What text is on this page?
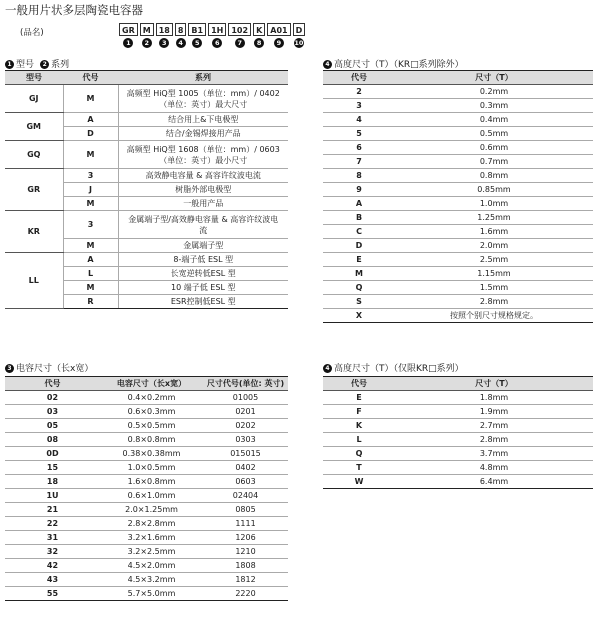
一般用片状多层陶瓷电容器
(品名)	GR	M	18	8	B1	1H	102	K	A01	D
1	2	3	4	5	6	7	8	9	10
1 型号 2 系列
型号	代号	系列
GJ	M	高频型 HiQ型 1005（单位：mm）/ 0402（单位：英寸）最大尺寸
GM	A	结合用上&下电极型
	D	结合/金锡焊接用产品
GQ	M	高频型 HiQ型 1608（单位：mm）/ 0603（单位：英寸）最小尺寸
GR	3	高效静电容量 & 高容许纹波电流
	J	树脂外部电极型
	M	一般用产品
KR	3	金属端子型/高效静电容量 & 高容许纹波电流
	M	金属端子型
LL	A	8-端子低 ESL 型
	L	长宽逆转低ESL 型
	M	10 端子低 ESL 型
	R	ESR控制低ESL 型
3 电容尺寸（长x宽）
代号	电容尺寸（长x宽）	尺寸代号(单位: 英寸)
02	0.4×0.2mm	01005
03	0.6×0.3mm	0201
05	0.5×0.5mm	0202
08	0.8×0.8mm	0303
0D	0.38×0.38mm	015015
15	1.0×0.5mm	0402
18	1.6×0.8mm	0603
1U	0.6×1.0mm	02404
21	2.0×1.25mm	0805
22	2.8×2.8mm	1111
31	3.2×1.6mm	1206
32	3.2×2.5mm	1210
42	4.5×2.0mm	1808
43	4.5×3.2mm	1812
55	5.7×5.0mm	2220
4 高度尺寸（T）（KR□系列除外）
代号	尺寸（T）
2	0.2mm
3	0.3mm
4	0.4mm
5	0.5mm
6	0.6mm
7	0.7mm
8	0.8mm
9	0.85mm
A	1.0mm
B	1.25mm
C	1.6mm
D	2.0mm
E	2.5mm
M	1.15mm
Q	1.5mm
S	2.8mm
X	按照个别尺寸规格规定。
4 高度尺寸（T）（仅限KR□系列）
代号	尺寸（T）
E	1.8mm
F	1.9mm
K	2.7mm
L	2.8mm
Q	3.7mm
T	4.8mm
W	6.4mm
